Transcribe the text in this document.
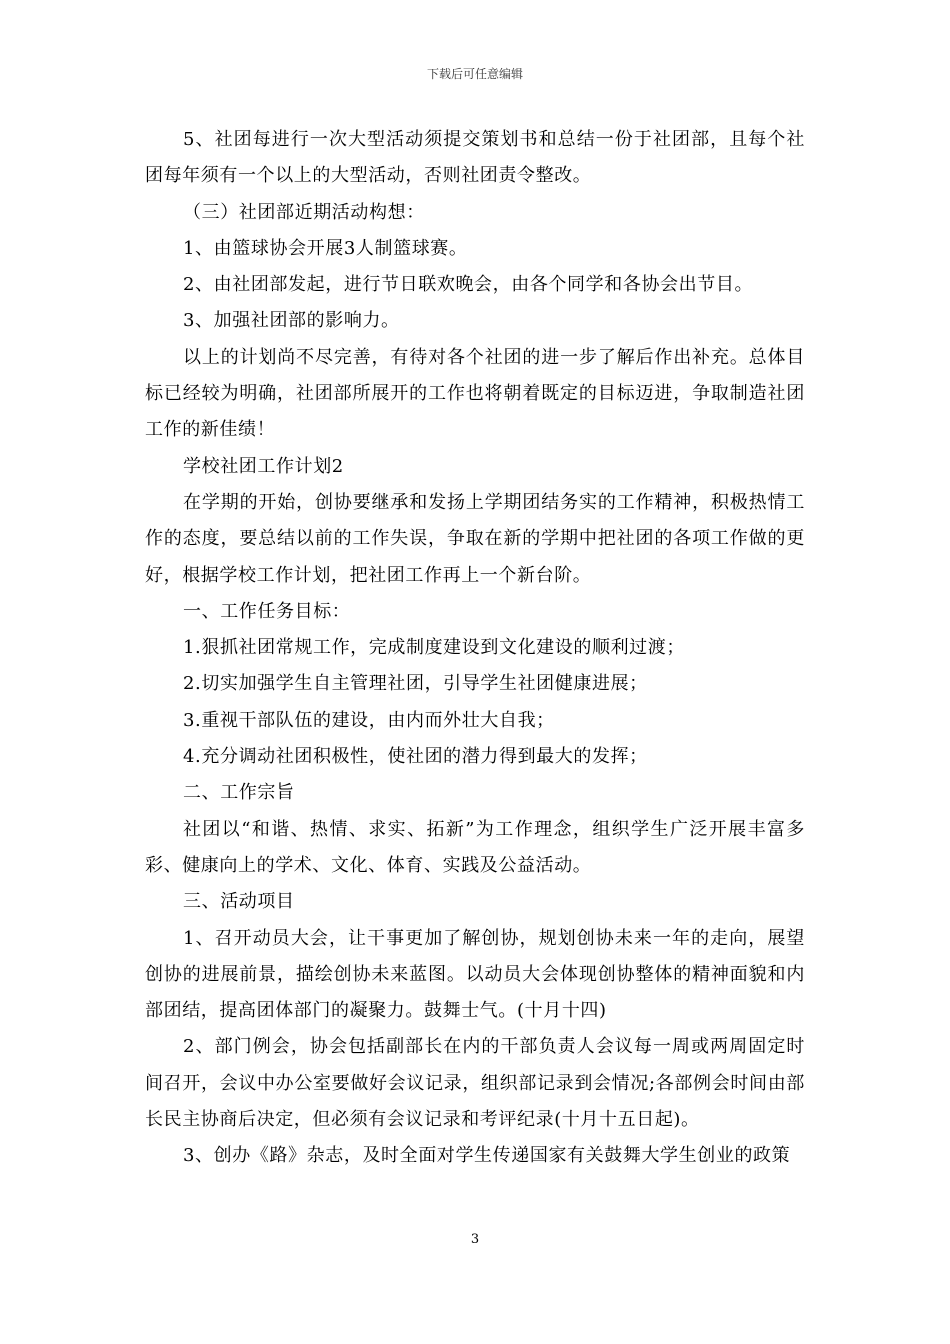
下载后可任意编辑

5、社团每进行一次大型活动须提交策划书和总结一份于社团部，且每个社团每年须有一个以上的大型活动，否则社团责令整改。

（三）社团部近期活动构想：

1、由篮球协会开展3人制篮球赛。

2、由社团部发起，进行节日联欢晚会，由各个同学和各协会出节目。

3、加强社团部的影响力。

以上的计划尚不尽完善，有待对各个社团的进一步了解后作出补充。总体目标已经较为明确，社团部所展开的工作也将朝着既定的目标迈进，争取制造社团工作的新佳绩！

学校社团工作计划2

在学期的开始，创协要继承和发扬上学期团结务实的工作精神，积极热情工作的态度，要总结以前的工作失误，争取在新的学期中把社团的各项工作做的更好，根据学校工作计划，把社团工作再上一个新台阶。

一、工作任务目标：

1.狠抓社团常规工作，完成制度建设到文化建设的顺利过渡；

2.切实加强学生自主管理社团，引导学生社团健康进展；

3.重视干部队伍的建设，由内而外壮大自我；

4.充分调动社团积极性，使社团的潜力得到最大的发挥；

二、工作宗旨

社团以“和谐、热情、求实、拓新”为工作理念，组织学生广泛开展丰富多彩、健康向上的学术、文化、体育、实践及公益活动。

三、活动项目

1、召开动员大会，让干事更加了解创协，规划创协未来一年的走向，展望创协的进展前景，描绘创协未来蓝图。以动员大会体现创协整体的精神面貌和内部团结，提高团体部门的凝聚力。鼓舞士气。(十月十四)

2、部门例会，协会包括副部长在内的干部负责人会议每一周或两周固定时间召开，会议中办公室要做好会议记录，组织部记录到会情况;各部例会时间由部长民主协商后决定，但必须有会议记录和考评纪录(十月十五日起)。

3、创办《路》杂志，及时全面对学生传递国家有关鼓舞大学生创业的政策

3
